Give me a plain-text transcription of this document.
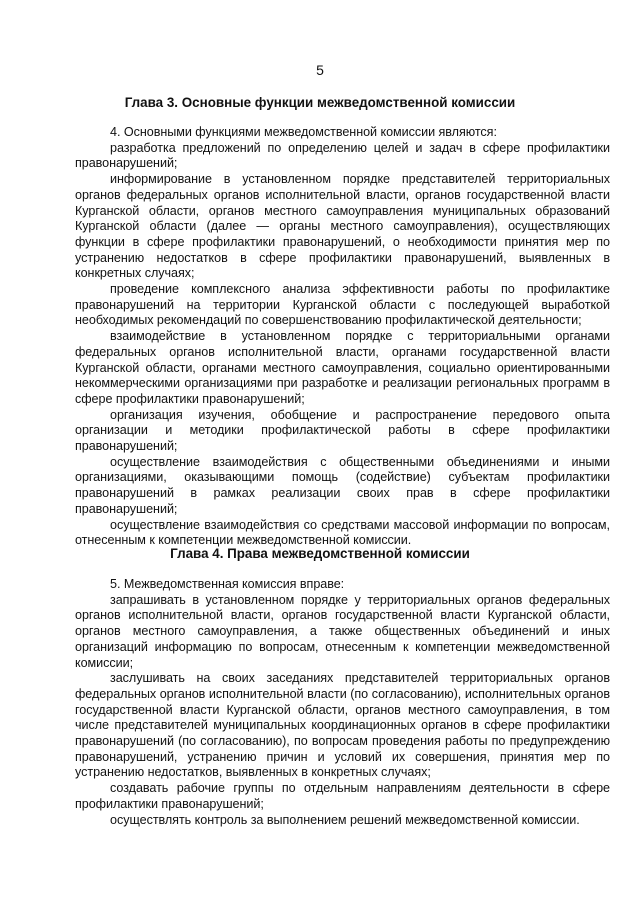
5
Глава 3. Основные функции межведомственной комиссии

4. Основными функциями межведомственной комиссии являются:

разработка предложений по определению целей и задач в сфере профилактики правонарушений;

информирование в установленном порядке представителей территориальных органов федеральных органов исполнительной власти, органов государственной власти Курганской области, органов местного самоуправления муниципальных образований Курганской области (далее — органы местного самоуправления), осуществляющих функции в сфере профилактики правонарушений, о необходимости принятия мер по устранению недостатков в сфере профилактики правонарушений, выявленных в конкретных случаях;

проведение комплексного анализа эффективности работы по профилактике правонарушений на территории Курганской области с последующей выработкой необходимых рекомендаций по совершенствованию профилактической деятельности;

взаимодействие в установленном порядке с территориальными органами федеральных органов исполнительной власти, органами государственной власти Курганской области, органами местного самоуправления, социально ориентированными некоммерческими организациями при разработке и реализации региональных программ в сфере профилактики правонарушений;

организация изучения, обобщение и распространение передового опыта организации и методики профилактической работы в сфере профилактики правонарушений;

осуществление взаимодействия с общественными объединениями и иными организациями, оказывающими помощь (содействие) субъектам профилактики правонарушений в рамках реализации своих прав в сфере профилактики правонарушений;

осуществление взаимодействия со средствами массовой информации по вопросам, отнесенным к компетенции межведомственной комиссии.

Глава 4. Права межведомственной комиссии

5. Межведомственная комиссия вправе:

запрашивать в установленном порядке у территориальных органов федеральных органов исполнительной власти, органов государственной власти Курганской области, органов местного самоуправления, а также общественных объединений и иных организаций информацию по вопросам, отнесенным к компетенции межведомственной комиссии;

заслушивать на своих заседаниях представителей территориальных органов федеральных органов исполнительной власти (по согласованию), исполнительных органов государственной власти Курганской области, органов местного самоуправления, в том числе представителей муниципальных координационных органов в сфере профилактики правонарушений (по согласованию), по вопросам проведения работы по предупреждению правонарушений, устранению причин и условий их совершения, принятия мер по устранению недостатков, выявленных в конкретных случаях;

создавать рабочие группы по отдельным направлениям деятельности в сфере профилактики правонарушений;

осуществлять контроль за выполнением решений межведомственной комиссии.
